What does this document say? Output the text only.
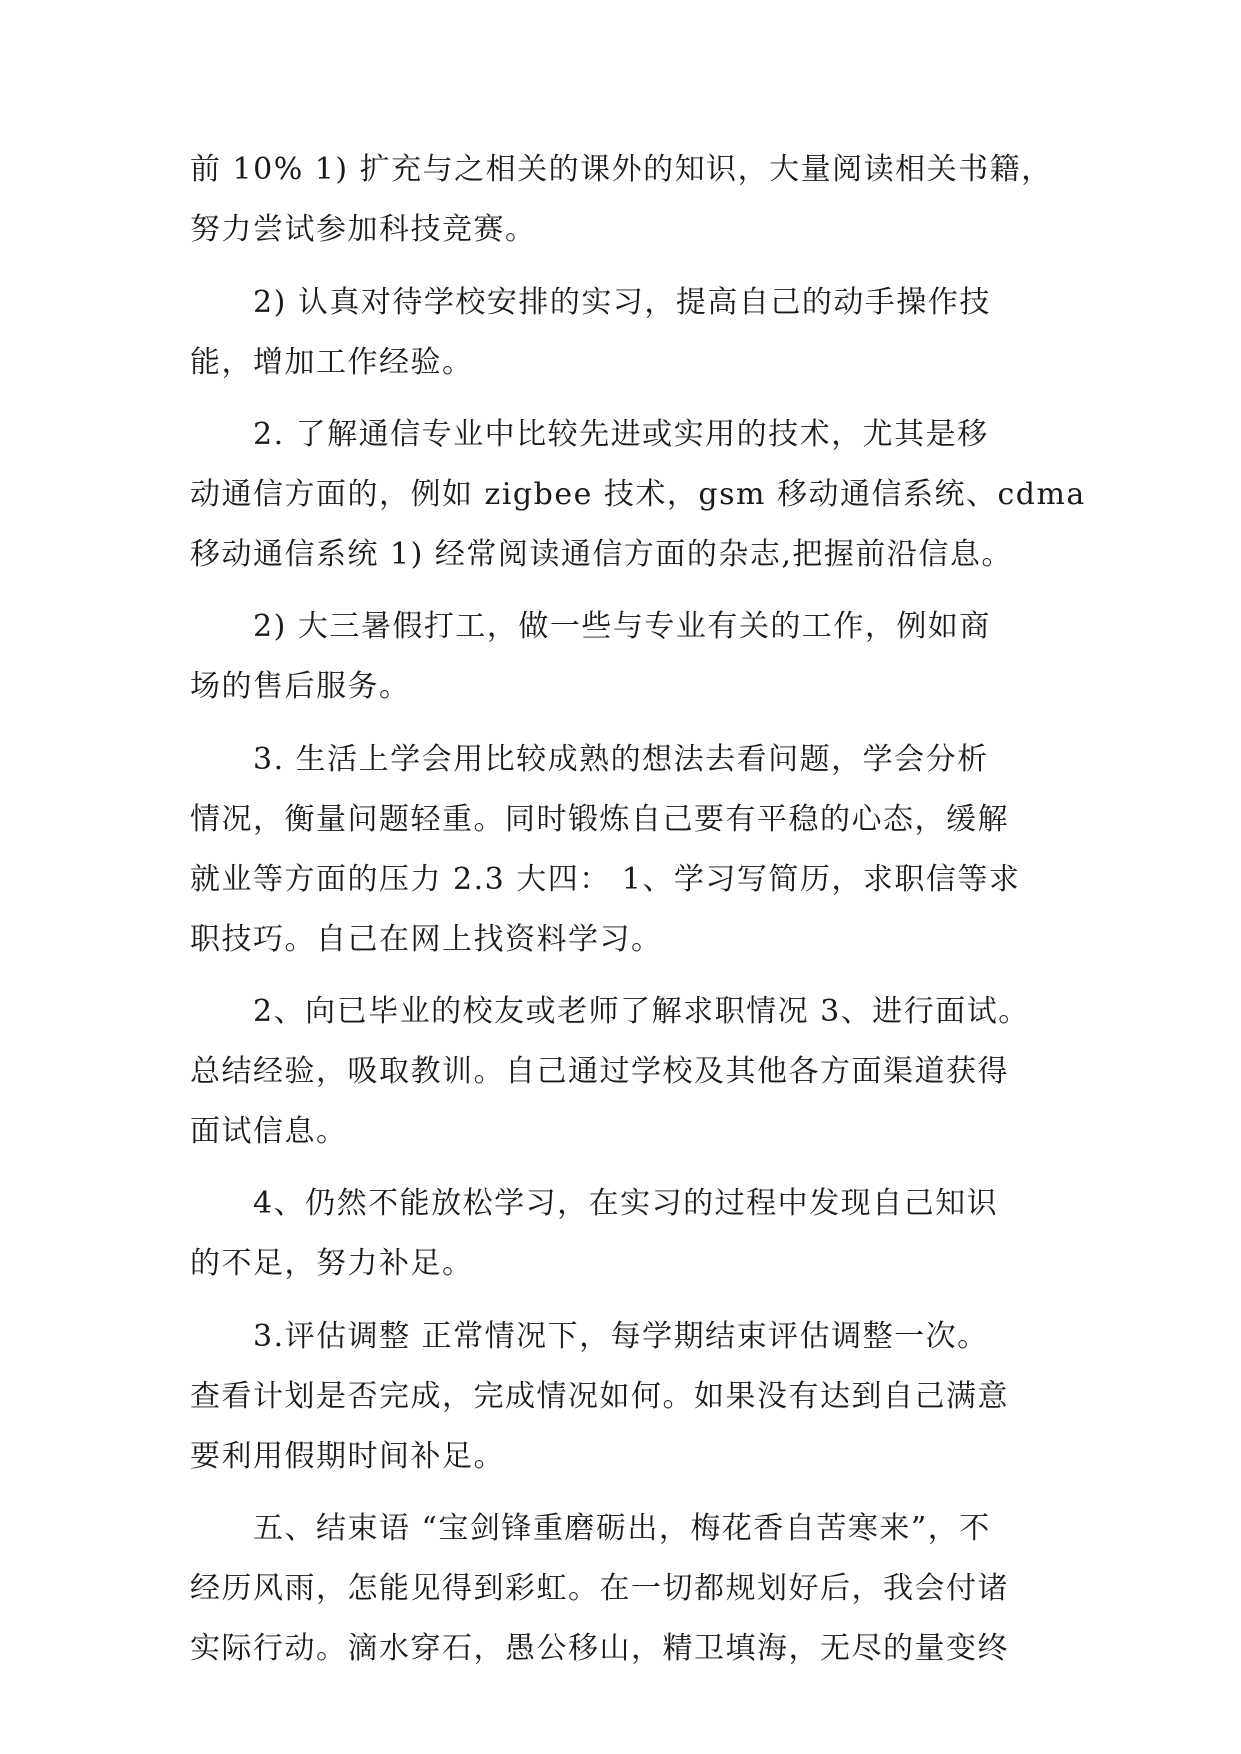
前 10% 1) 扩充与之相关的课外的知识，大量阅读相关书籍，
努力尝试参加科技竞赛。
2) 认真对待学校安排的实习，提高自己的动手操作技
能，增加工作经验。
2. 了解通信专业中比较先进或实用的技术，尤其是移
动通信方面的，例如 zigbee 技术，gsm 移动通信系统、cdma
移动通信系统 1) 经常阅读通信方面的杂志,把握前沿信息。
2) 大三暑假打工，做一些与专业有关的工作，例如商
场的售后服务。
3. 生活上学会用比较成熟的想法去看问题，学会分析
情况，衡量问题轻重。同时锻炼自己要有平稳的心态，缓解
就业等方面的压力 2.3 大四： 1、学习写简历，求职信等求
职技巧。自己在网上找资料学习。
2、向已毕业的校友或老师了解求职情况 3、进行面试。
总结经验，吸取教训。自己通过学校及其他各方面渠道获得
面试信息。
4、仍然不能放松学习，在实习的过程中发现自己知识
的不足，努力补足。
3.评估调整 正常情况下，每学期结束评估调整一次。
查看计划是否完成，完成情况如何。如果没有达到自己满意
要利用假期时间补足。
五、结束语 “宝剑锋重磨砺出，梅花香自苦寒来”，不
经历风雨，怎能见得到彩虹。在一切都规划好后，我会付诸
实际行动。滴水穿石，愚公移山，精卫填海，无尽的量变终
